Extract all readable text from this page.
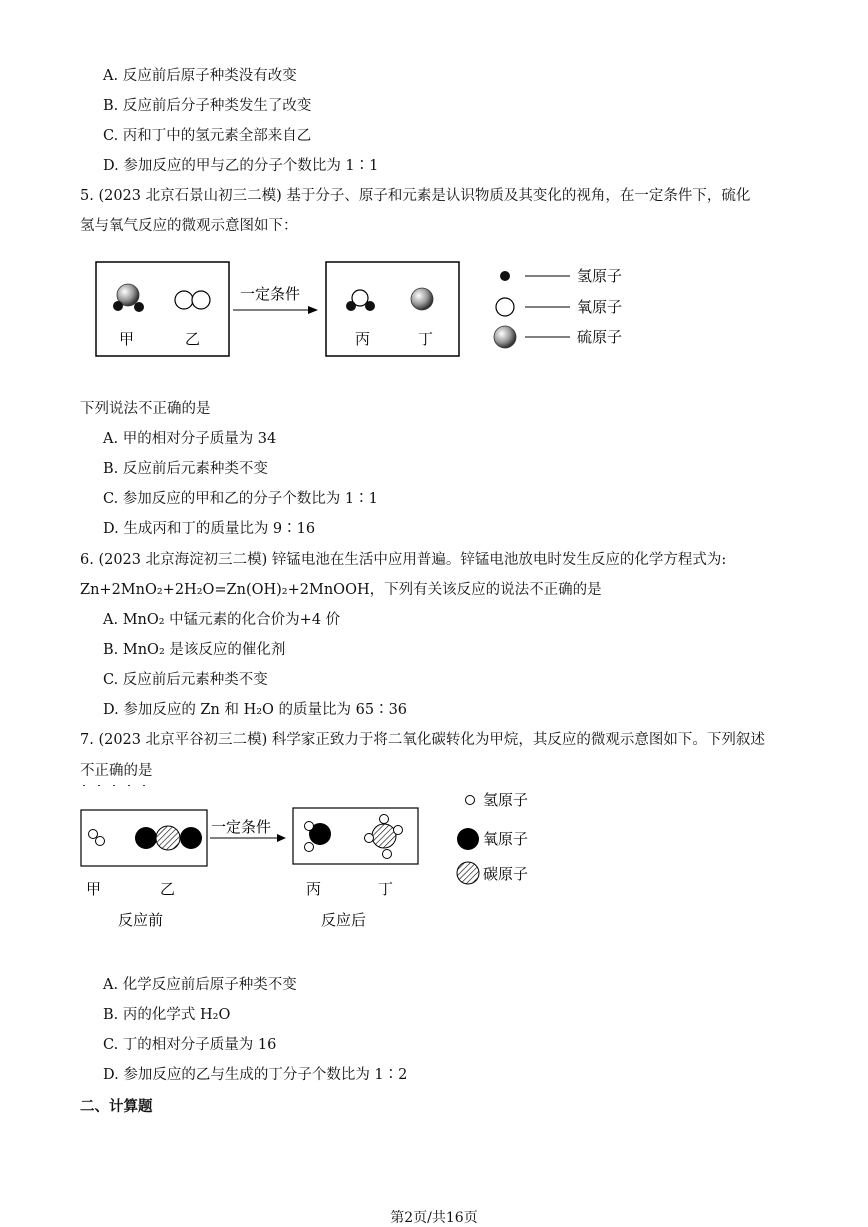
A. 反应前后原子种类没有改变
B. 反应前后分子种类发生了改变
C. 丙和丁中的氢元素全部来自乙
D. 参加反应的甲与乙的分子个数比为 1∶1
5. (2023 北京石景山初三二模) 基于分子、原子和元素是认识物质及其变化的视角，在一定条件下，硫化
氢与氧气反应的微观示意图如下：
甲	乙
一定条件
丙	丁
氢原子
氧原子
硫原子
下列说法不正确的是
A. 甲的相对分子质量为 34
B. 反应前后元素种类不变
C. 参加反应的甲和乙的分子个数比为 1∶1
D. 生成丙和丁的质量比为 9∶16
6. (2023 北京海淀初三二模) 锌锰电池在生活中应用普遍。锌锰电池放电时发生反应的化学方程式为:
Zn+2MnO₂+2H₂O=Zn(OH)₂+2MnOOH，下列有关该反应的说法不正确的是
A. MnO₂ 中锰元素的化合价为+4 价
B. MnO₂ 是该反应的催化剂
C. 反应前后元素种类不变
D. 参加反应的 Zn 和 H₂O 的质量比为 65∶36
7. (2023 北京平谷初三二模) 科学家正致力于将二氧化碳转化为甲烷，其反应的微观示意图如下。下列叙述
不正确的是
一定条件
甲	乙	丙	丁
反应前	反应后
氢原子
氧原子
碳原子
A. 化学反应前后原子种类不变
B. 丙的化学式 H₂O
C. 丁的相对分子质量为 16
D. 参加反应的乙与生成的丁分子个数比为 1∶2
二、计算题
第2页/共16页
